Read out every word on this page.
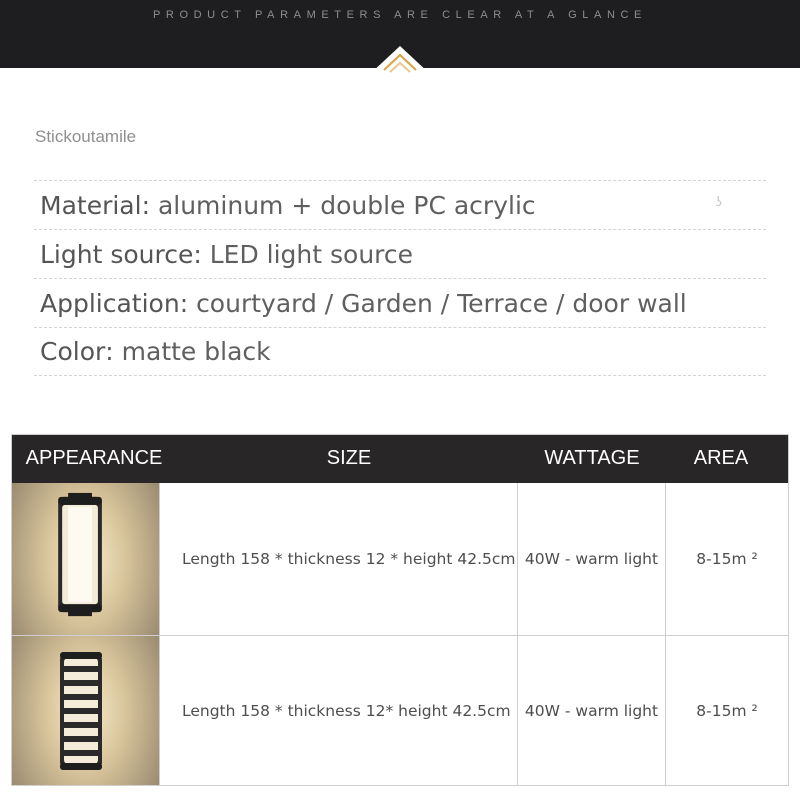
PRODUCT PARAMETERS ARE CLEAR AT A GLANCE
Stickoutamile
Material : aluminum + double PC acrylic	ʖ
Light source : LED light source
Application : courtyard / Garden / Terrace / door wall
Color : matte black
APPEARANCE	SIZE	WATTAGE	AREA
Length 158 * thickness 12 * height 42.5cm 40W - warm light	8-15m ²
Length 158 * thickness 12* height 42.5cm 40W - warm light	8-15m ²
